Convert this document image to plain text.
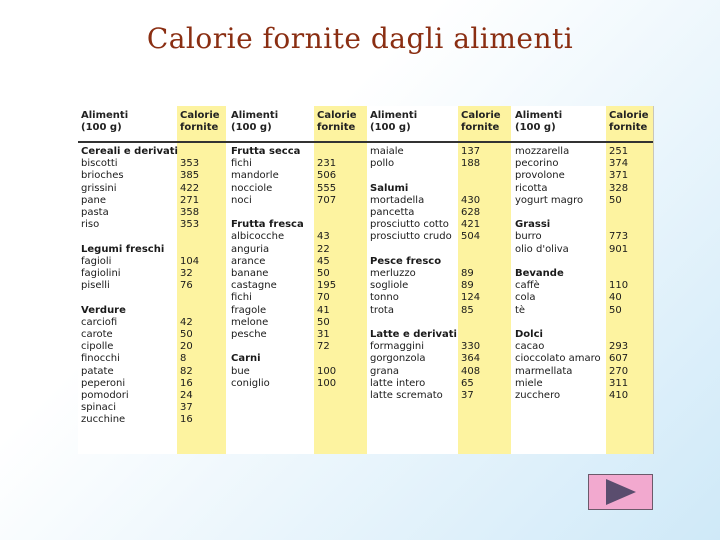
Calorie fornite dagli alimenti
Alimenti
(100 g)
Calorie
fornite
Alimenti
(100 g)
Calorie
fornite
Alimenti
(100 g)
Calorie
fornite
Alimenti
(100 g)
Calorie
fornite
Cereali e derivati
biscotti
brioches
grissini
pane
pasta
riso

Legumi freschi
fagioli
fagiolini
piselli

Verdure
carciofi
carote
cipolle
finocchi
patate
peperoni
pomodori
spinaci
zucchine

353
385
422
271
358
353

104
32
76

42
50
20
8
82
16
24
37
16
Frutta secca
fichi
mandorle
nocciole
noci

Frutta fresca
albicocche
anguria
arance
banane
castagne
fichi
fragole
melone
pesche

Carni
bue
coniglio

231
506
555
707

43
22
45
50
195
70
41
50
31
72

100
100
maiale
pollo

Salumi
mortadella
pancetta
prosciutto cotto
prosciutto crudo

Pesce fresco
merluzzo
sogliole
tonno
trota

Latte e derivati
formaggini
gorgonzola
grana
latte intero
latte scremato
137
188

430
628
421
504

89
89
124
85

330
364
408
65
37
mozzarella
pecorino
provolone
ricotta
yogurt magro

Grassi
burro
olio d'oliva

Bevande
caffè
cola
tè

Dolci
cacao
cioccolato amaro
marmellata
miele
zucchero
251
374
371
328
50

773
901

110
40
50

293
607
270
311
410
